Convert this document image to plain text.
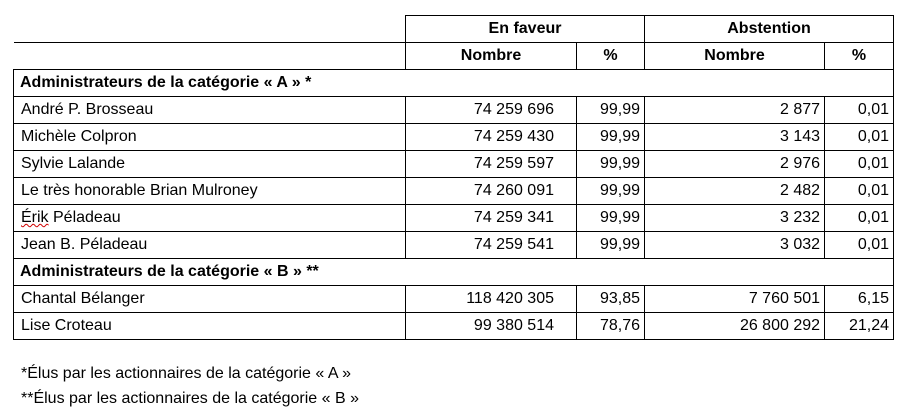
	En faveur		Abstention	
	Nombre	%	Nombre	%
Administrateurs de la catégorie « A » *				
André P. Brosseau	74 259 696	99,99	2 877	0,01
Michèle Colpron	74 259 430	99,99	3 143	0,01
Sylvie Lalande	74 259 597	99,99	2 976	0,01
Le très honorable Brian Mulroney	74 260 091	99,99	2 482	0,01
Érik Péladeau	74 259 341	99,99	3 232	0,01
Jean B. Péladeau	74 259 541	99,99	3 032	0,01
Administrateurs de la catégorie « B » **				
Chantal Bélanger	118 420 305	93,85	7 760 501	6,15
Lise Croteau	99 380 514	78,76	26 800 292	21,24
*Élus par les actionnaires de la catégorie « A »
**Élus par les actionnaires de la catégorie « B »
